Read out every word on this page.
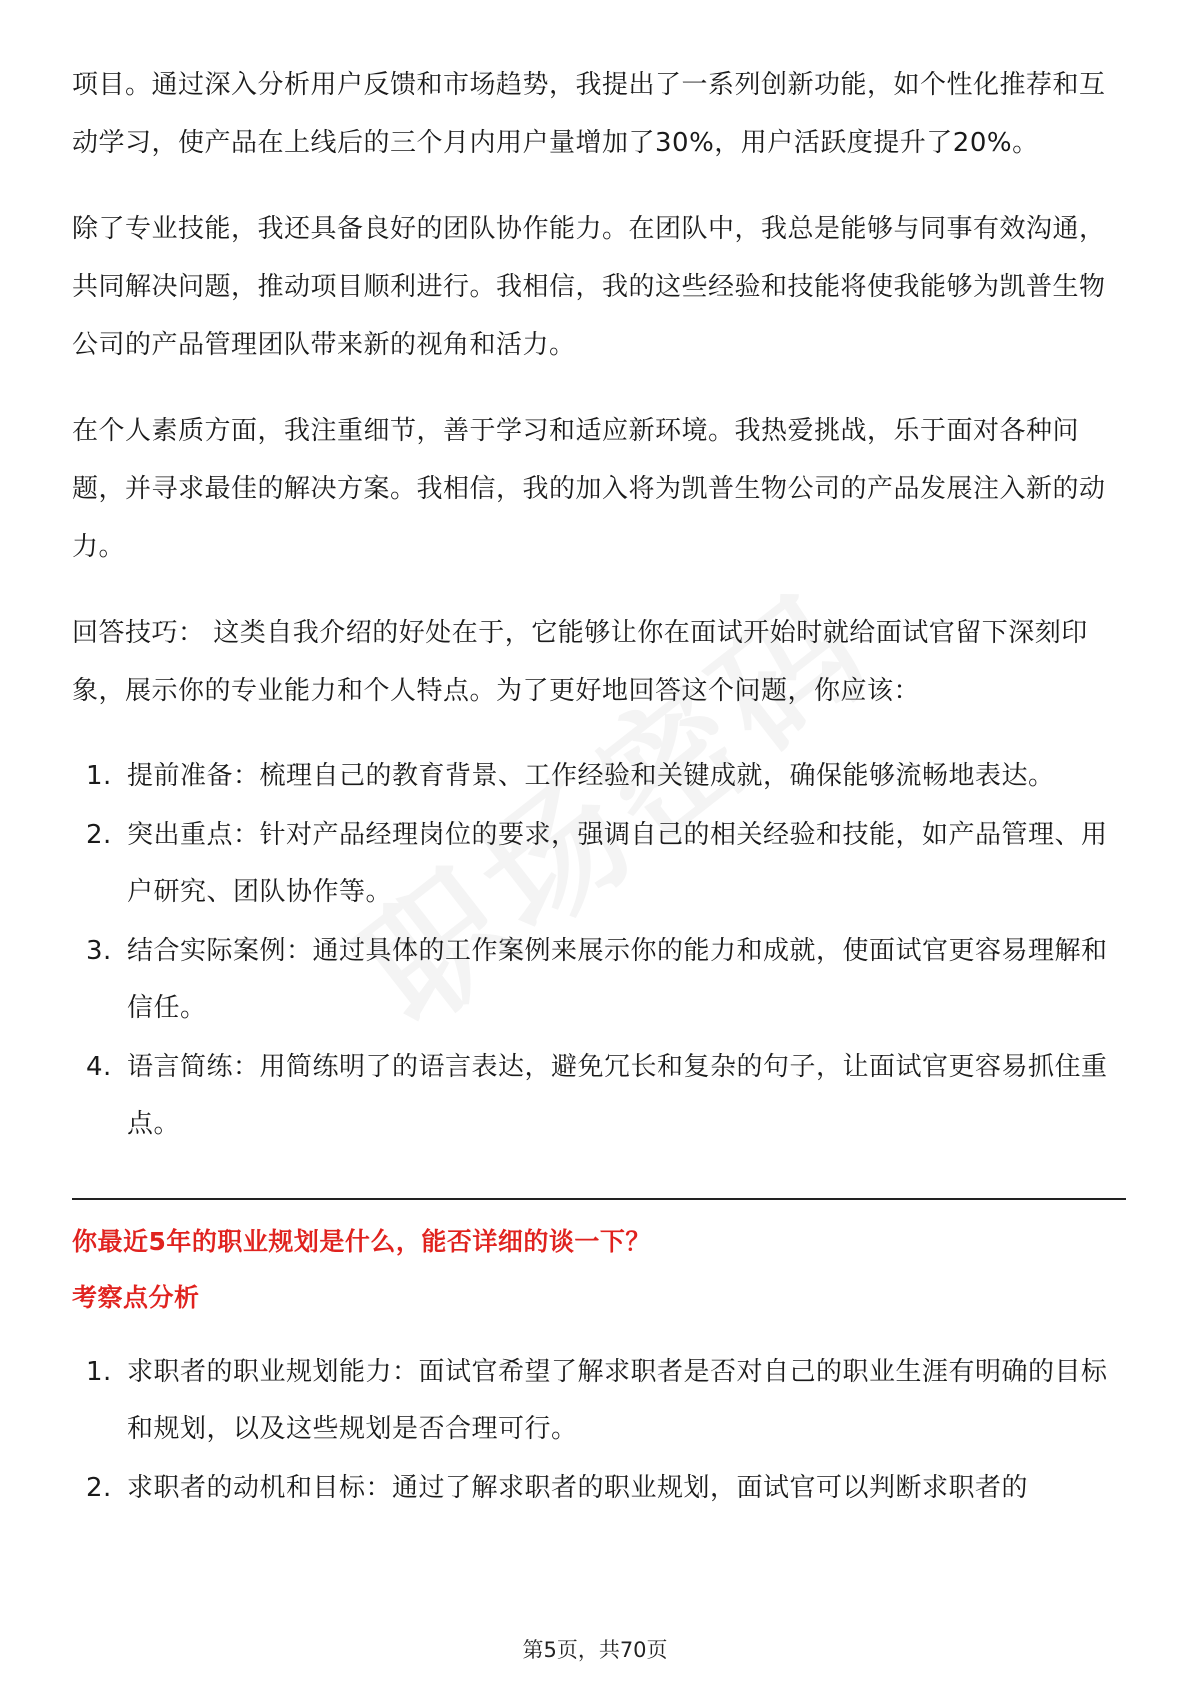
项目。通过深入分析用户反馈和市场趋势，我提出了一系列创新功能，如个性化推荐和互动学习，使产品在上线后的三个月内用户量增加了30%，用户活跃度提升了20%。

除了专业技能，我还具备良好的团队协作能力。在团队中，我总是能够与同事有效沟通，共同解决问题，推动项目顺利进行。我相信，我的这些经验和技能将使我能够为凯普生物公司的产品管理团队带来新的视角和活力。

在个人素质方面，我注重细节，善于学习和适应新环境。我热爱挑战，乐于面对各种问题，并寻求最佳的解决方案。我相信，我的加入将为凯普生物公司的产品发展注入新的动力。

回答技巧： 这类自我介绍的好处在于，它能够让你在面试开始时就给面试官留下深刻印象，展示你的专业能力和个人特点。为了更好地回答这个问题，你应该：

1. 提前准备：梳理自己的教育背景、工作经验和关键成就，确保能够流畅地表达。
2. 突出重点：针对产品经理岗位的要求，强调自己的相关经验和技能，如产品管理、用户研究、团队协作等。
3. 结合实际案例：通过具体的工作案例来展示你的能力和成就，使面试官更容易理解和信任。
4. 语言简练：用简练明了的语言表达，避免冗长和复杂的句子，让面试官更容易抓住重点。
你最近5年的职业规划是什么，能否详细的谈一下？
考察点分析
1. 求职者的职业规划能力：面试官希望了解求职者是否对自己的职业生涯有明确的目标和规划，以及这些规划是否合理可行。
2. 求职者的动机和目标：通过了解求职者的职业规划，面试官可以判断求职者的
第5页，共70页
